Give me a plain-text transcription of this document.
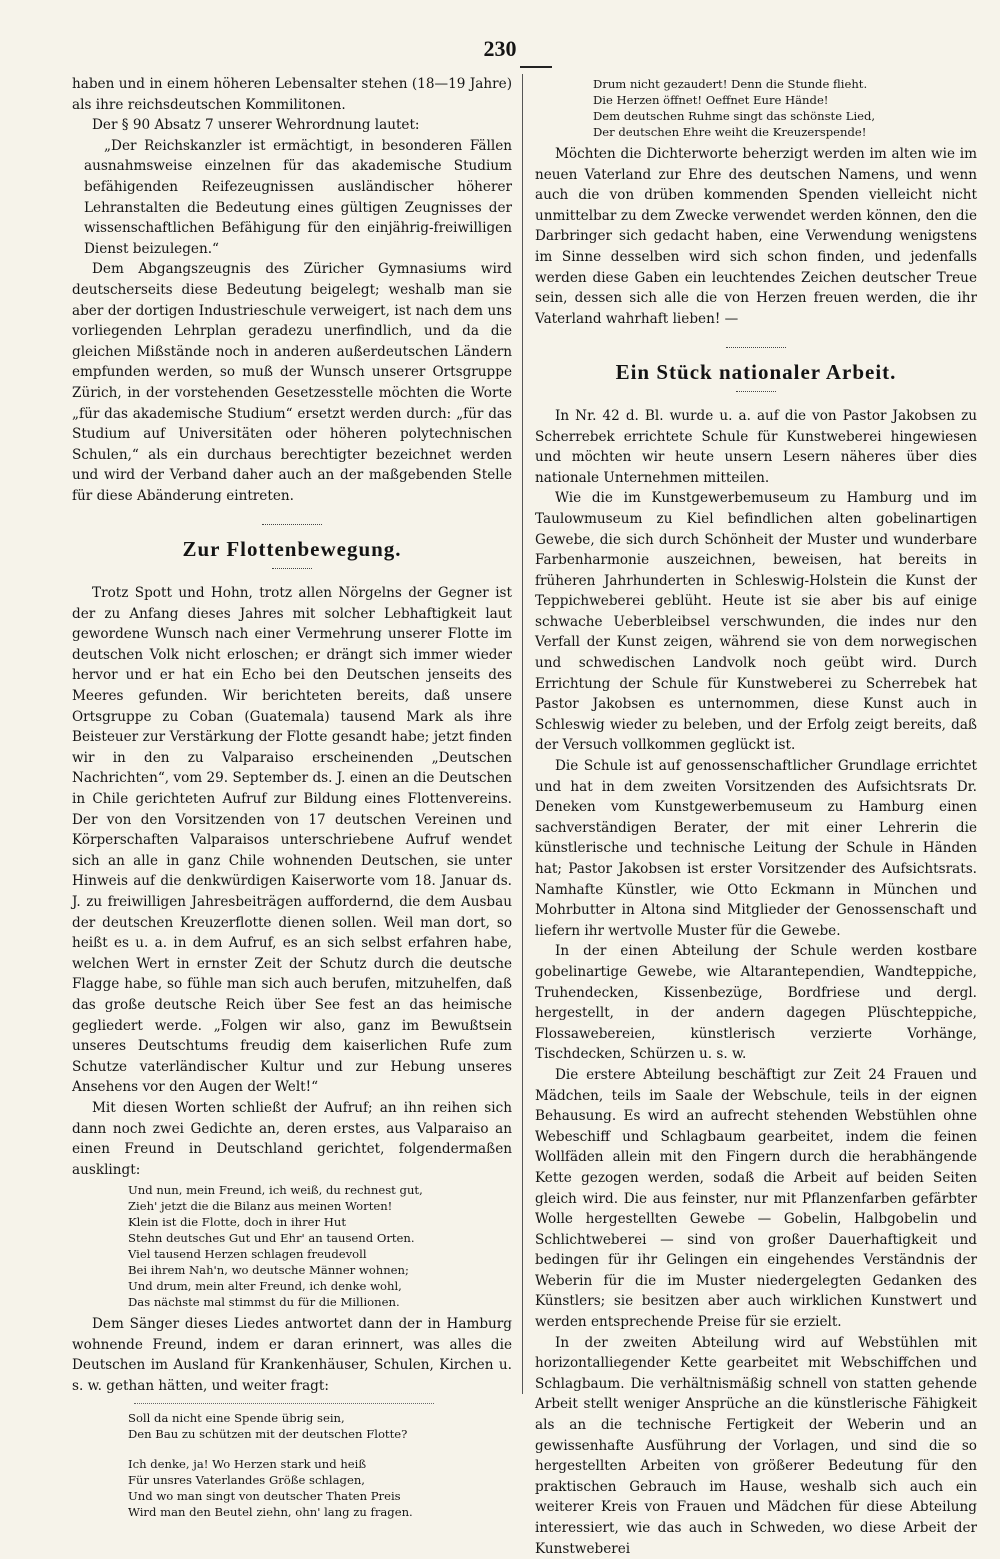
230

haben und in einem höheren Lebensalter stehen (18—19 Jahre) als ihre reichsdeutschen Kommilitonen.

Der § 90 Absatz 7 unserer Wehrordnung lautet:

„Der Reichskanzler ist ermächtigt, in besonderen Fällen ausnahmsweise einzelnen für das akademische Studium befähigenden Reifezeugnissen ausländischer höherer Lehranstalten die Bedeutung eines gültigen Zeugnisses der wissenschaftlichen Befähigung für den einjährig-freiwilligen Dienst beizulegen.“

Dem Abgangszeugnis des Züricher Gymnasiums wird deutscherseits diese Bedeutung beigelegt; weshalb man sie aber der dortigen Industrieschule verweigert, ist nach dem uns vorliegenden Lehrplan geradezu unerfindlich, und da die gleichen Mißstände noch in anderen außerdeutschen Ländern empfunden werden, so muß der Wunsch unserer Ortsgruppe Zürich, in der vorstehenden Gesetzesstelle möchten die Worte „für das akademische Studium“ ersetzt werden durch: „für das Studium auf Universitäten oder höheren polytechnischen Schulen,“ als ein durchaus berechtigter bezeichnet werden und wird der Verband daher auch an der maßgebenden Stelle für diese Abänderung eintreten.

Zur Flottenbewegung.

Trotz Spott und Hohn, trotz allen Nörgelns der Gegner ist der zu Anfang dieses Jahres mit solcher Lebhaftigkeit laut gewordene Wunsch nach einer Vermehrung unserer Flotte im deutschen Volk nicht erloschen; er drängt sich immer wieder hervor und er hat ein Echo bei den Deutschen jenseits des Meeres gefunden. Wir berichteten bereits, daß unsere Ortsgruppe zu Coban (Guatemala) tausend Mark als ihre Beisteuer zur Verstärkung der Flotte gesandt habe; jetzt finden wir in den zu Valparaiso erscheinenden „Deutschen Nachrichten“, vom 29. September ds. J. einen an die Deutschen in Chile gerichteten Aufruf zur Bildung eines Flottenvereins. Der von den Vorsitzenden von 17 deutschen Vereinen und Körperschaften Valparaisos unterschriebene Aufruf wendet sich an alle in ganz Chile wohnenden Deutschen, sie unter Hinweis auf die denkwürdigen Kaiserworte vom 18. Januar ds. J. zu freiwilligen Jahresbeiträgen auffordernd, die dem Ausbau der deutschen Kreuzerflotte dienen sollen. Weil man dort, so heißt es u. a. in dem Aufruf, es an sich selbst erfahren habe, welchen Wert in ernster Zeit der Schutz durch die deutsche Flagge habe, so fühle man sich auch berufen, mitzuhelfen, daß das große deutsche Reich über See fest an das heimische gegliedert werde. „Folgen wir also, ganz im Bewußtsein unseres Deutschtums freudig dem kaiserlichen Rufe zum Schutze vaterländischer Kultur und zur Hebung unseres Ansehens vor den Augen der Welt!“

Mit diesen Worten schließt der Aufruf; an ihn reihen sich dann noch zwei Gedichte an, deren erstes, aus Valparaiso an einen Freund in Deutschland gerichtet, folgendermaßen ausklingt:

Und nun, mein Freund, ich weiß, du rechnest gut,
Zieh' jetzt die die Bilanz aus meinen Worten!
Klein ist die Flotte, doch in ihrer Hut
Stehn deutsches Gut und Ehr' an tausend Orten.
Viel tausend Herzen schlagen freudevoll
Bei ihrem Nah'n, wo deutsche Männer wohnen;
Und drum, mein alter Freund, ich denke wohl,
Das nächste mal stimmst du für die Millionen.

Dem Sänger dieses Liedes antwortet dann der in Hamburg wohnende Freund, indem er daran erinnert, was alles die Deutschen im Ausland für Krankenhäuser, Schulen, Kirchen u. s. w. gethan hätten, und weiter fragt:

Soll da nicht eine Spende übrig sein,
Den Bau zu schützen mit der deutschen Flotte?
Ich denke, ja! Wo Herzen stark und heiß
Für unsres Vaterlandes Größe schlagen,
Und wo man singt von deutscher Thaten Preis
Wird man den Beutel ziehn, ohn' lang zu fragen.
Drum nicht gezaudert! Denn die Stunde flieht.
Die Herzen öffnet! Oeffnet Eure Hände!
Dem deutschen Ruhme singt das schönste Lied,
Der deutschen Ehre weiht die Kreuzerspende!

Möchten die Dichterworte beherzigt werden im alten wie im neuen Vaterland zur Ehre des deutschen Namens, und wenn auch die von drüben kommenden Spenden vielleicht nicht unmittelbar zu dem Zwecke verwendet werden können, den die Darbringer sich gedacht haben, eine Verwendung wenigstens im Sinne desselben wird sich schon finden, und jedenfalls werden diese Gaben ein leuchtendes Zeichen deutscher Treue sein, dessen sich alle die von Herzen freuen werden, die ihr Vaterland wahrhaft lieben! —

Ein Stück nationaler Arbeit.

In Nr. 42 d. Bl. wurde u. a. auf die von Pastor Jakobsen zu Scherrebek errichtete Schule für Kunstweberei hingewiesen und möchten wir heute unsern Lesern näheres über dies nationale Unternehmen mitteilen.

Wie die im Kunstgewerbemuseum zu Hamburg und im Taulowmuseum zu Kiel befindlichen alten gobelinartigen Gewebe, die sich durch Schönheit der Muster und wunderbare Farbenharmonie auszeichnen, beweisen, hat bereits in früheren Jahrhunderten in Schleswig-Holstein die Kunst der Teppichweberei geblüht. Heute ist sie aber bis auf einige schwache Ueberbleibsel verschwunden, die indes nur den Verfall der Kunst zeigen, während sie von dem norwegischen und schwedischen Landvolk noch geübt wird. Durch Errichtung der Schule für Kunstweberei zu Scherrebek hat Pastor Jakobsen es unternommen, diese Kunst auch in Schleswig wieder zu beleben, und der Erfolg zeigt bereits, daß der Versuch vollkommen geglückt ist.

Die Schule ist auf genossenschaftlicher Grundlage errichtet und hat in dem zweiten Vorsitzenden des Aufsichtsrats Dr. Deneken vom Kunstgewerbemuseum zu Hamburg einen sachverständigen Berater, der mit einer Lehrerin die künstlerische und technische Leitung der Schule in Händen hat; Pastor Jakobsen ist erster Vorsitzender des Aufsichtsrats. Namhafte Künstler, wie Otto Eckmann in München und Mohrbutter in Altona sind Mitglieder der Genossenschaft und liefern ihr wertvolle Muster für die Gewebe.

In der einen Abteilung der Schule werden kostbare gobelinartige Gewebe, wie Altarantependien, Wandteppiche, Truhendecken, Kissenbezüge, Bordfriese und dergl. hergestellt, in der andern dagegen Plüschteppiche, Flossawebereien, künstlerisch verzierte Vorhänge, Tischdecken, Schürzen u. s. w.

Die erstere Abteilung beschäftigt zur Zeit 24 Frauen und Mädchen, teils im Saale der Webschule, teils in der eignen Behausung. Es wird an aufrecht stehenden Webstühlen ohne Webeschiff und Schlagbaum gearbeitet, indem die feinen Wollfäden allein mit den Fingern durch die herabhängende Kette gezogen werden, sodaß die Arbeit auf beiden Seiten gleich wird. Die aus feinster, nur mit Pflanzenfarben gefärbter Wolle hergestellten Gewebe — Gobelin, Halbgobelin und Schlichtweberei — sind von großer Dauerhaftigkeit und bedingen für ihr Gelingen ein eingehendes Verständnis der Weberin für die im Muster niedergelegten Gedanken des Künstlers; sie besitzen aber auch wirklichen Kunstwert und werden entsprechende Preise für sie erzielt.

In der zweiten Abteilung wird auf Webstühlen mit horizontalliegender Kette gearbeitet mit Webschiffchen und Schlagbaum. Die verhältnismäßig schnell von statten gehende Arbeit stellt weniger Ansprüche an die künstlerische Fähigkeit als an die technische Fertigkeit der Weberin und an gewissenhafte Ausführung der Vorlagen, und sind die so hergestellten Arbeiten von größerer Bedeutung für den praktischen Gebrauch im Hause, weshalb sich auch ein weiterer Kreis von Frauen und Mädchen für diese Abteilung interessiert, wie das auch in Schweden, wo diese Arbeit der Kunstweberei
